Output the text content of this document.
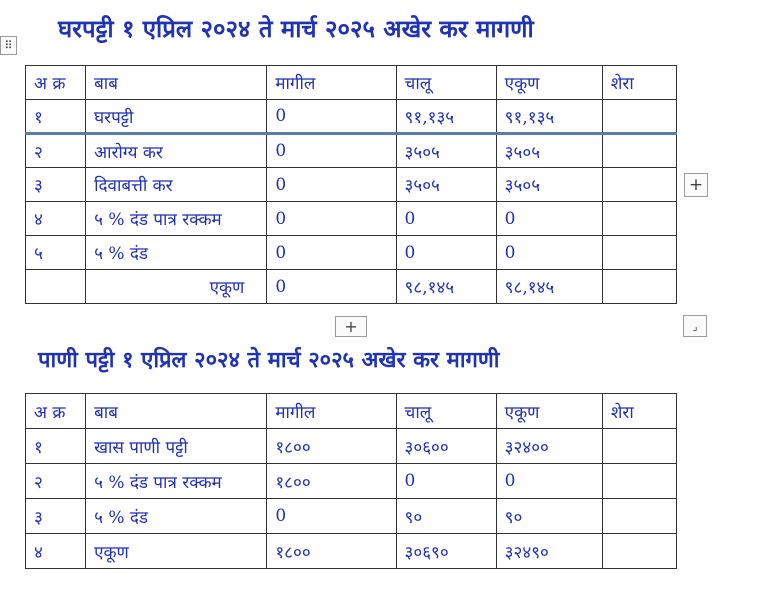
⠿
घरपट्टी १ एप्रिल २०२४ ते मार्च २०२५ अखेर कर मागणी
अ क्र	बाब	मागील	चालू	एकूण	शेरा
१	घरपट्टी	0	९१,१३५	९१,१३५	
२	आरोग्य कर	0	३५०५	३५०५	
३	दिवाबत्ती कर	0	३५०५	३५०५	
४	५ % दंड पात्र रक्कम	0	0	0	
५	५ % दंड	0	0	0	
	एकूण	0	९८,१४५	९८,१४५	
+
+	⌟
पाणी पट्टी १ एप्रिल २०२४ ते मार्च २०२५ अखेर कर मागणी
अ क्र	बाब	मागील	चालू	एकूण	शेरा
१	खास पाणी पट्टी	१८००	३०६००	३२४००	
२	५ % दंड पात्र रक्कम	१८००	0	0	
३	५ % दंड	0	९०	९०	
४	एकूण	१८००	३०६९०	३२४९०	
